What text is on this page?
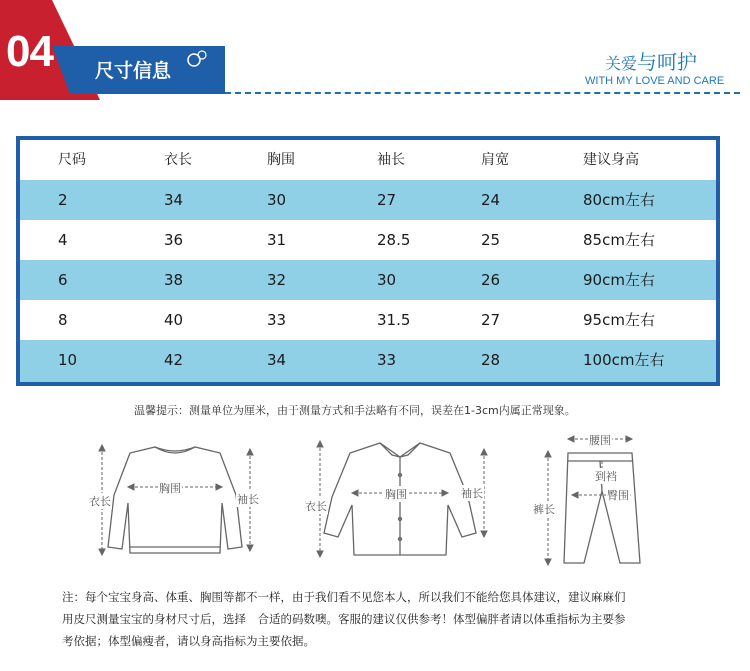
04 尺寸信息	关爱与呵护
WITH MY LOVE AND CARE
尺码	衣长	胸围	袖长	肩宽	建议身高
2	34	30	27	24	80cm左右
4	36	31	28.5	25	85cm左右
6	38	32	30	26	90cm左右
8	40	33	31.5	27	95cm左右
10	42	34	33	28	100cm左右
温馨提示：测量单位为厘米，由于测量方式和手法略有不同，误差在1-3cm内属正常现象。
衣长
胸围
袖长
衣长
胸围	袖长
腰围
到裆
臀围
裤长
注：每个宝宝身高、体重、胸围等都不一样，由于我们看不见您本人，所以我们不能给您具体建议，建议麻麻们
用皮尺测量宝宝的身材尺寸后，选择　合适的码数噢。客服的建议仅供参考！体型偏胖者请以体重指标为主要参
考依据；体型偏瘦者，请以身高指标为主要依据。
